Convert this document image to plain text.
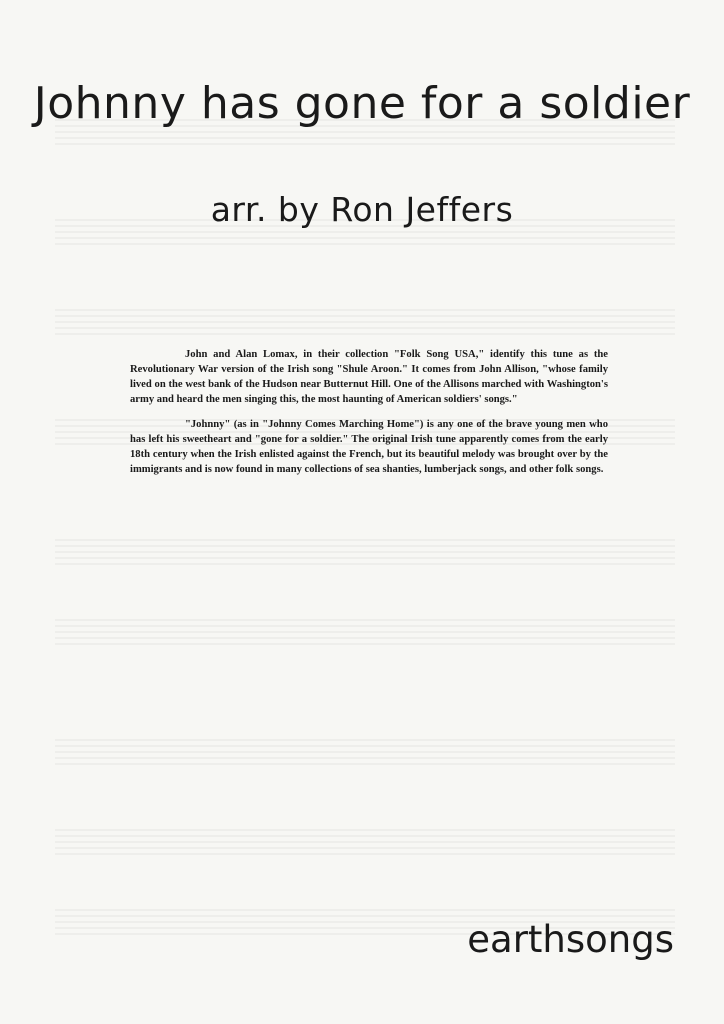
Johnny has gone for a soldier
arr. by Ron Jeffers

John and Alan Lomax, in their collection "Folk Song USA," identify this tune as the Revolutionary War version of the Irish song "Shule Aroon." It comes from John Allison, "whose family lived on the west bank of the Hudson near Butternut Hill. One of the Allisons marched with Washington's army and heard the men singing this, the most haunting of American soldiers' songs."

"Johnny" (as in "Johnny Comes Marching Home") is any one of the brave young men who has left his sweetheart and "gone for a soldier." The original Irish tune apparently comes from the early 18th century when the Irish enlisted against the French, but its beautiful melody was brought over by the immigrants and is now found in many collections of sea shanties, lumberjack songs, and other folk songs.

earthsongs
